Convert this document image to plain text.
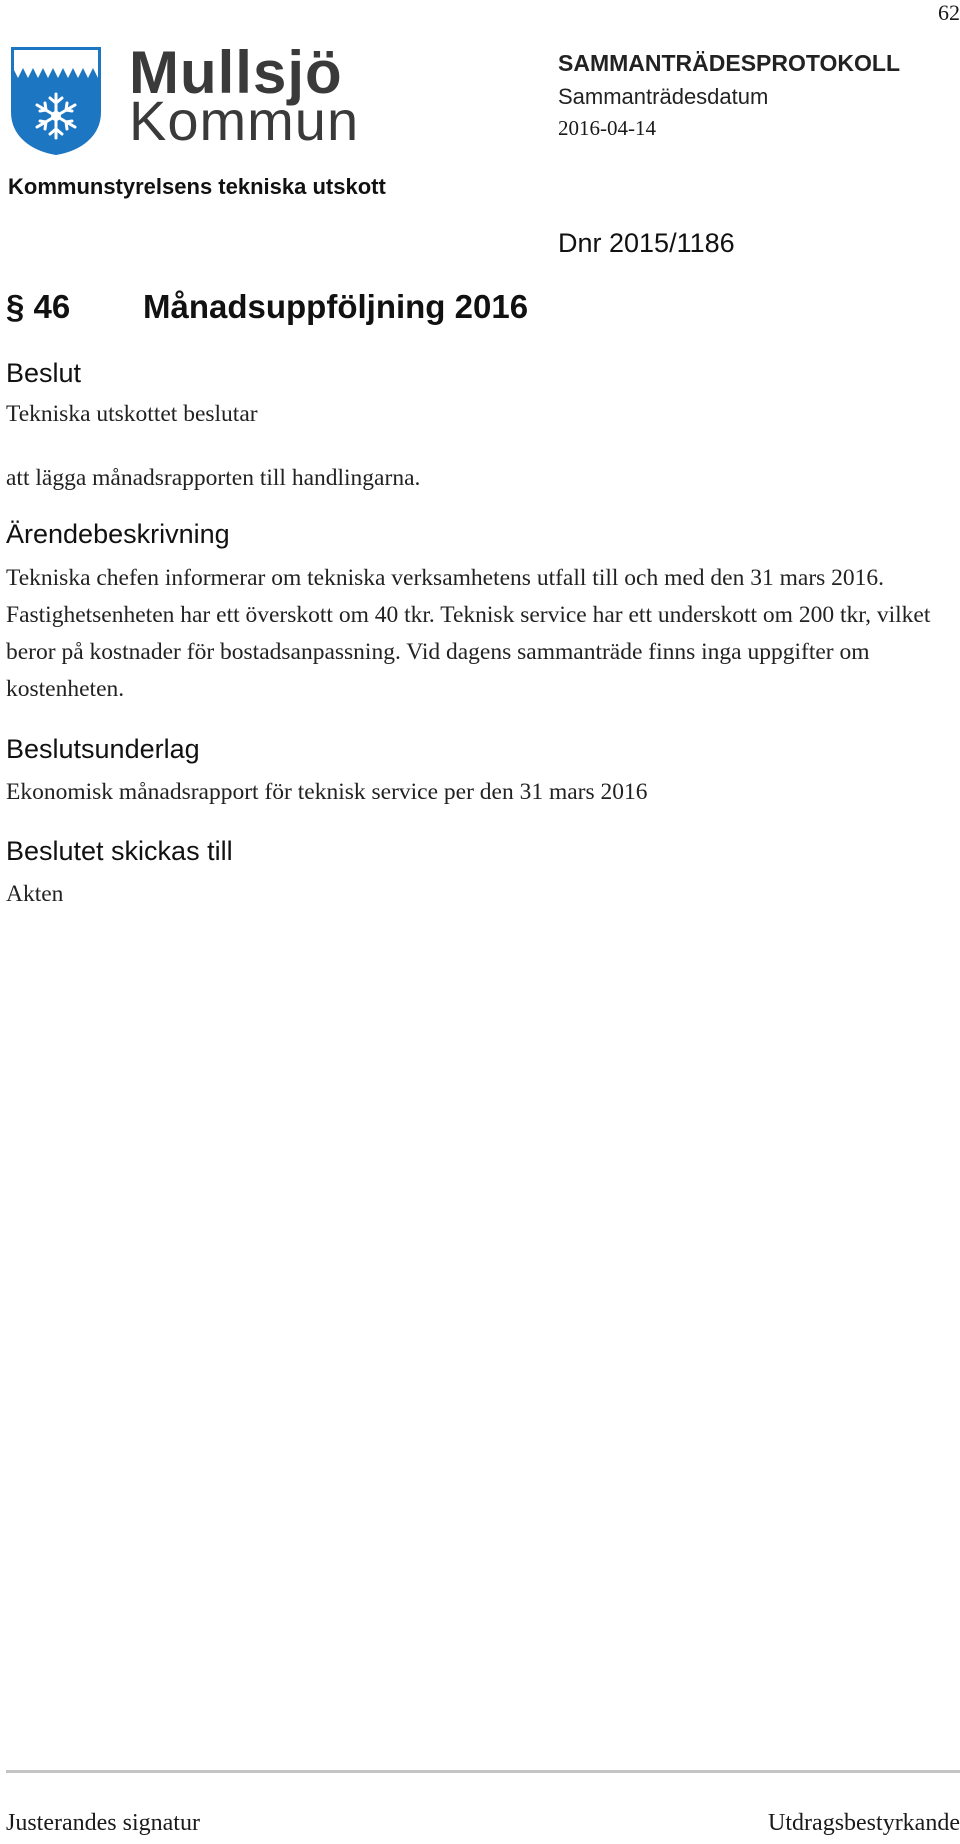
62
Mullsjö
Kommun
SAMMANTRÄDESPROTOKOLL
Sammanträdesdatum
2016-04-14
Kommunstyrelsens tekniska utskott
Dnr 2015/1186
§ 46 Månadsuppföljning 2016
Beslut
Tekniska utskottet beslutar
att lägga månadsrapporten till handlingarna.
Ärendebeskrivning
Tekniska chefen informerar om tekniska verksamhetens utfall till och med den 31 mars 2016. Fastighetsenheten har ett överskott om 40 tkr. Teknisk service har ett underskott om 200 tkr, vilket beror på kostnader för bostadsanpassning. Vid dagens sammanträde finns inga uppgifter om kostenheten.
Beslutsunderlag
Ekonomisk månadsrapport för teknisk service per den 31 mars 2016
Beslutet skickas till
Akten
Justerandes signatur	Utdragsbestyrkande
